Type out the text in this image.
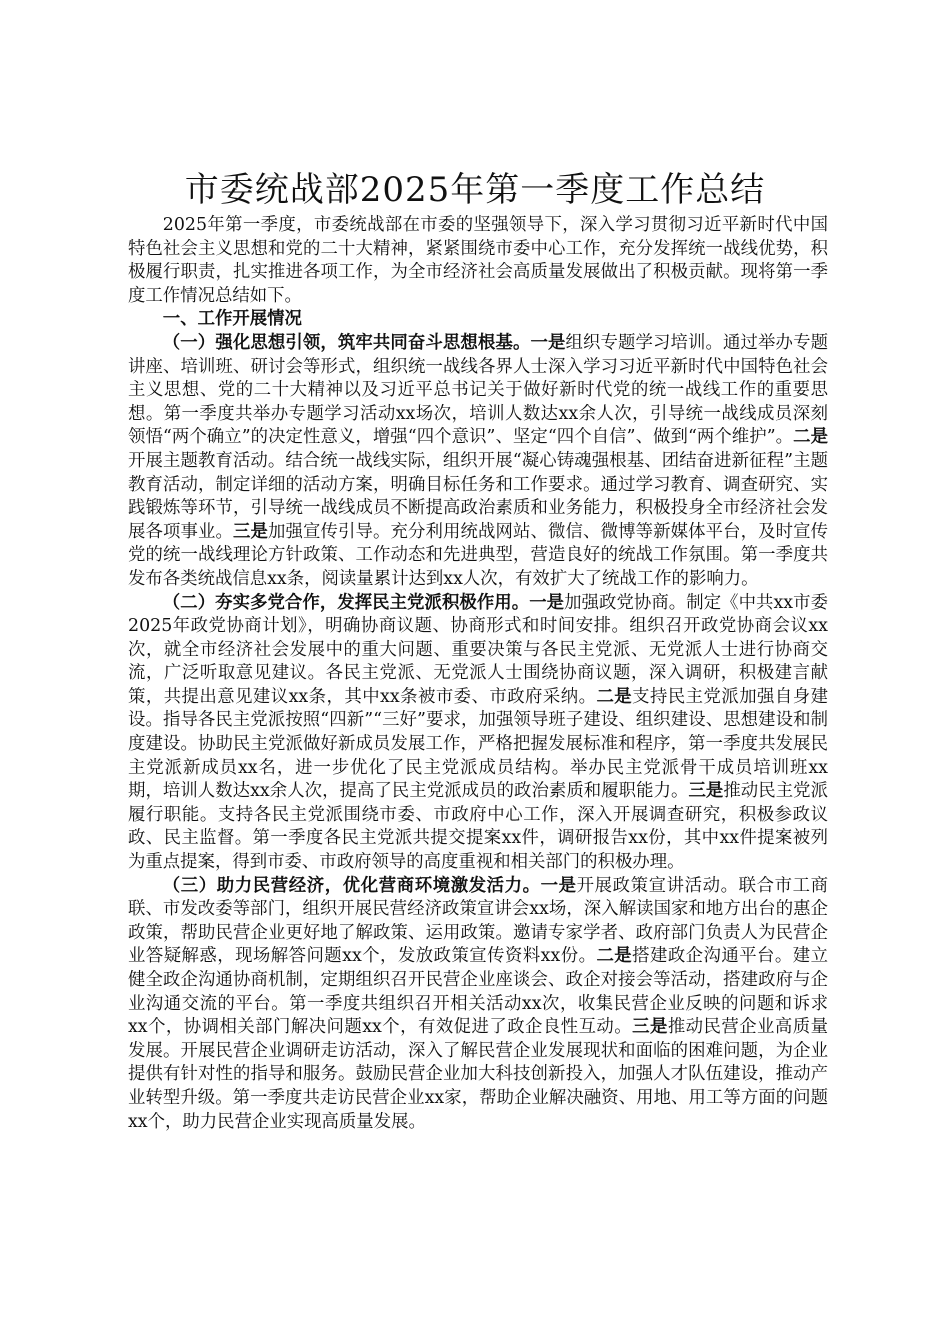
市委统战部2025年第一季度工作总结

2025年第一季度，市委统战部在市委的坚强领导下，深入学习贯彻习近平新时代中国特色社会主义思想和党的二十大精神，紧紧围绕市委中心工作，充分发挥统一战线优势，积极履行职责，扎实推进各项工作，为全市经济社会高质量发展做出了积极贡献。现将第一季度工作情况总结如下。

一、工作开展情况

（一）强化思想引领，筑牢共同奋斗思想根基。一是组织专题学习培训。通过举办专题讲座、培训班、研讨会等形式，组织统一战线各界人士深入学习习近平新时代中国特色社会主义思想、党的二十大精神以及习近平总书记关于做好新时代党的统一战线工作的重要思想。第一季度共举办专题学习活动xx场次，培训人数达xx余人次，引导统一战线成员深刻领悟“两个确立”的决定性意义，增强“四个意识”、坚定“四个自信”、做到“两个维护”。二是开展主题教育活动。结合统一战线实际，组织开展“凝心铸魂强根基、团结奋进新征程”主题教育活动，制定详细的活动方案，明确目标任务和工作要求。通过学习教育、调查研究、实践锻炼等环节，引导统一战线成员不断提高政治素质和业务能力，积极投身全市经济社会发展各项事业。三是加强宣传引导。充分利用统战网站、微信、微博等新媒体平台，及时宣传党的统一战线理论方针政策、工作动态和先进典型，营造良好的统战工作氛围。第一季度共发布各类统战信息xx条，阅读量累计达到xx人次，有效扩大了统战工作的影响力。

（二）夯实多党合作，发挥民主党派积极作用。一是加强政党协商。制定《中共xx市委2025年政党协商计划》，明确协商议题、协商形式和时间安排。组织召开政党协商会议xx次，就全市经济社会发展中的重大问题、重要决策与各民主党派、无党派人士进行协商交流，广泛听取意见建议。各民主党派、无党派人士围绕协商议题，深入调研，积极建言献策，共提出意见建议xx条，其中xx条被市委、市政府采纳。二是支持民主党派加强自身建设。指导各民主党派按照“四新”“三好”要求，加强领导班子建设、组织建设、思想建设和制度建设。协助民主党派做好新成员发展工作，严格把握发展标准和程序，第一季度共发展民主党派新成员xx名，进一步优化了民主党派成员结构。举办民主党派骨干成员培训班xx期，培训人数达xx余人次，提高了民主党派成员的政治素质和履职能力。三是推动民主党派履行职能。支持各民主党派围绕市委、市政府中心工作，深入开展调查研究，积极参政议政、民主监督。第一季度各民主党派共提交提案xx件，调研报告xx份，其中xx件提案被列为重点提案，得到市委、市政府领导的高度重视和相关部门的积极办理。

（三）助力民营经济，优化营商环境激发活力。一是开展政策宣讲活动。联合市工商联、市发改委等部门，组织开展民营经济政策宣讲会xx场，深入解读国家和地方出台的惠企政策，帮助民营企业更好地了解政策、运用政策。邀请专家学者、政府部门负责人为民营企业答疑解惑，现场解答问题xx个，发放政策宣传资料xx份。二是搭建政企沟通平台。建立健全政企沟通协商机制，定期组织召开民营企业座谈会、政企对接会等活动，搭建政府与企业沟通交流的平台。第一季度共组织召开相关活动xx次，收集民营企业反映的问题和诉求xx个，协调相关部门解决问题xx个，有效促进了政企良性互动。三是推动民营企业高质量发展。开展民营企业调研走访活动，深入了解民营企业发展现状和面临的困难问题，为企业提供有针对性的指导和服务。鼓励民营企业加大科技创新投入，加强人才队伍建设，推动产业转型升级。第一季度共走访民营企业xx家，帮助企业解决融资、用地、用工等方面的问题xx个，助力民营企业实现高质量发展。
